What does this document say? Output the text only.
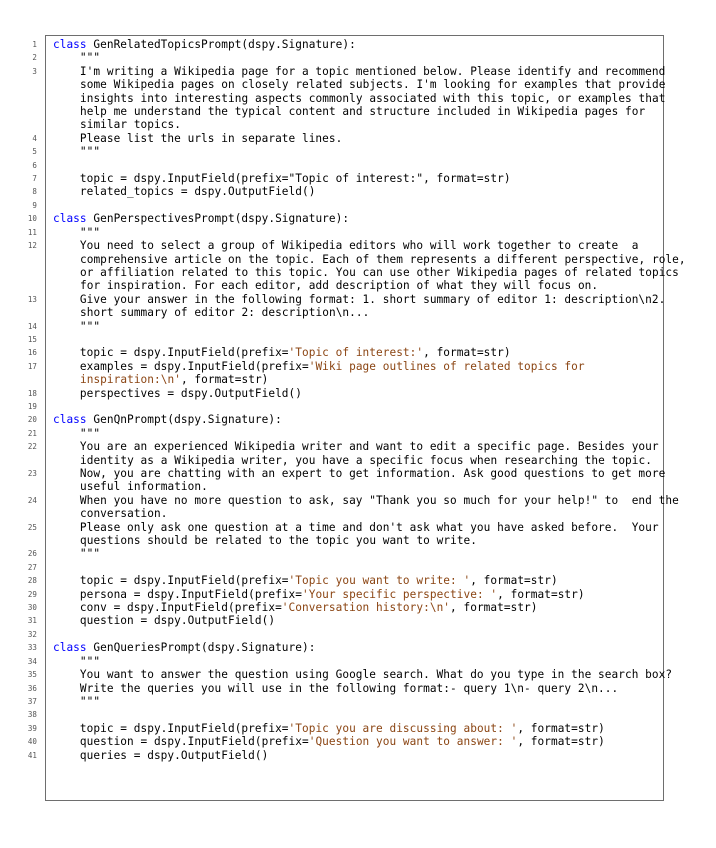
1 class GenRelatedTopicsPrompt(dspy.Signature):
2 """
3 I'm writing a Wikipedia page for a topic mentioned below. Please identify and recommend some Wikipedia pages on closely related subjects. I'm looking for examples that provide insights into interesting aspects commonly associated with this topic, or examples that help me understand the typical content and structure included in Wikipedia pages for similar topics.
4 Please list the urls in separate lines.
5 """
6

7 topic = dspy.InputField(prefix="Topic of interest:", format=str)
8 related_topics = dspy.OutputField()
9

10 class GenPerspectivesPrompt(dspy.Signature):
11 """
12 You need to select a group of Wikipedia editors who will work together to create  a comprehensive article on the topic. Each of them represents a different perspective, role, or affiliation related to this topic. You can use other Wikipedia pages of related topics for inspiration. For each editor, add description of what they will focus on.
13 Give your answer in the following format: 1. short summary of editor 1: description\n2. short summary of editor 2: description\n...
14 """
15

16 topic = dspy.InputField(prefix='Topic of interest:', format=str)
17 examples = dspy.InputField(prefix='Wiki page outlines of related topics for inspiration:\n', format=str)
18 perspectives = dspy.OutputField()
19

20 class GenQnPrompt(dspy.Signature):
21 """
22 You are an experienced Wikipedia writer and want to edit a specific page. Besides your identity as a Wikipedia writer, you have a specific focus when researching the topic.
23 Now, you are chatting with an expert to get information. Ask good questions to get more useful information.
24 When you have no more question to ask, say "Thank you so much for your help!" to  end the conversation.
25 Please only ask one question at a time and don't ask what you have asked before.  Your questions should be related to the topic you want to write.
26 """
27

28 topic = dspy.InputField(prefix='Topic you want to write: ', format=str)
29 persona = dspy.InputField(prefix='Your specific perspective: ', format=str)
30 conv = dspy.InputField(prefix='Conversation history:\n', format=str)
31 question = dspy.OutputField()
32

33 class GenQueriesPrompt(dspy.Signature):
34 """
35 You want to answer the question using Google search. What do you type in the search box?
36 Write the queries you will use in the following format:- query 1\n- query 2\n...
37 """
38

39 topic = dspy.InputField(prefix='Topic you are discussing about: ', format=str)
40 question = dspy.InputField(prefix='Question you want to answer: ', format=str)
41 queries = dspy.OutputField()
